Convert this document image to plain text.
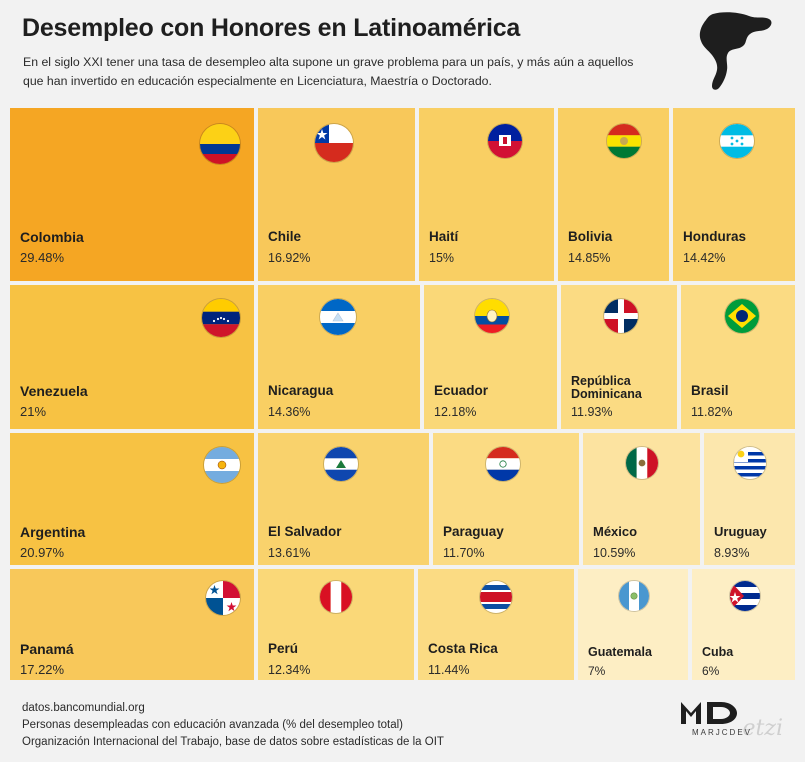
Desempleo con Honores en Latinoamérica
En el siglo XXI tener una tasa de desempleo alta supone un grave problema para un país, y más aún a aquellos que han invertido en educación especialmente en Licenciatura, Maestría o Doctorado.
Colombia
29.48%
Chile
16.92%
Haití
15%
Bolivia
14.85%
Honduras
14.42%
Venezuela
21%
Nicaragua
14.36%
Ecuador
12.18%
República Dominicana
11.93%
Brasil
11.82%
Argentina
20.97%
El Salvador
13.61%
Paraguay
11.70%
México
10.59%
Uruguay
8.93%
Panamá
17.22%
Perú
12.34%
Costa Rica
11.44%
Guatemala
7%
Cuba
6%
datos.bancomundial.org
Personas desempleadas con educación avanzada (% del desempleo total)
Organización Internacional del Trabajo, base de datos sobre estadísticas de la OIT
MARJCDEV
etzi
